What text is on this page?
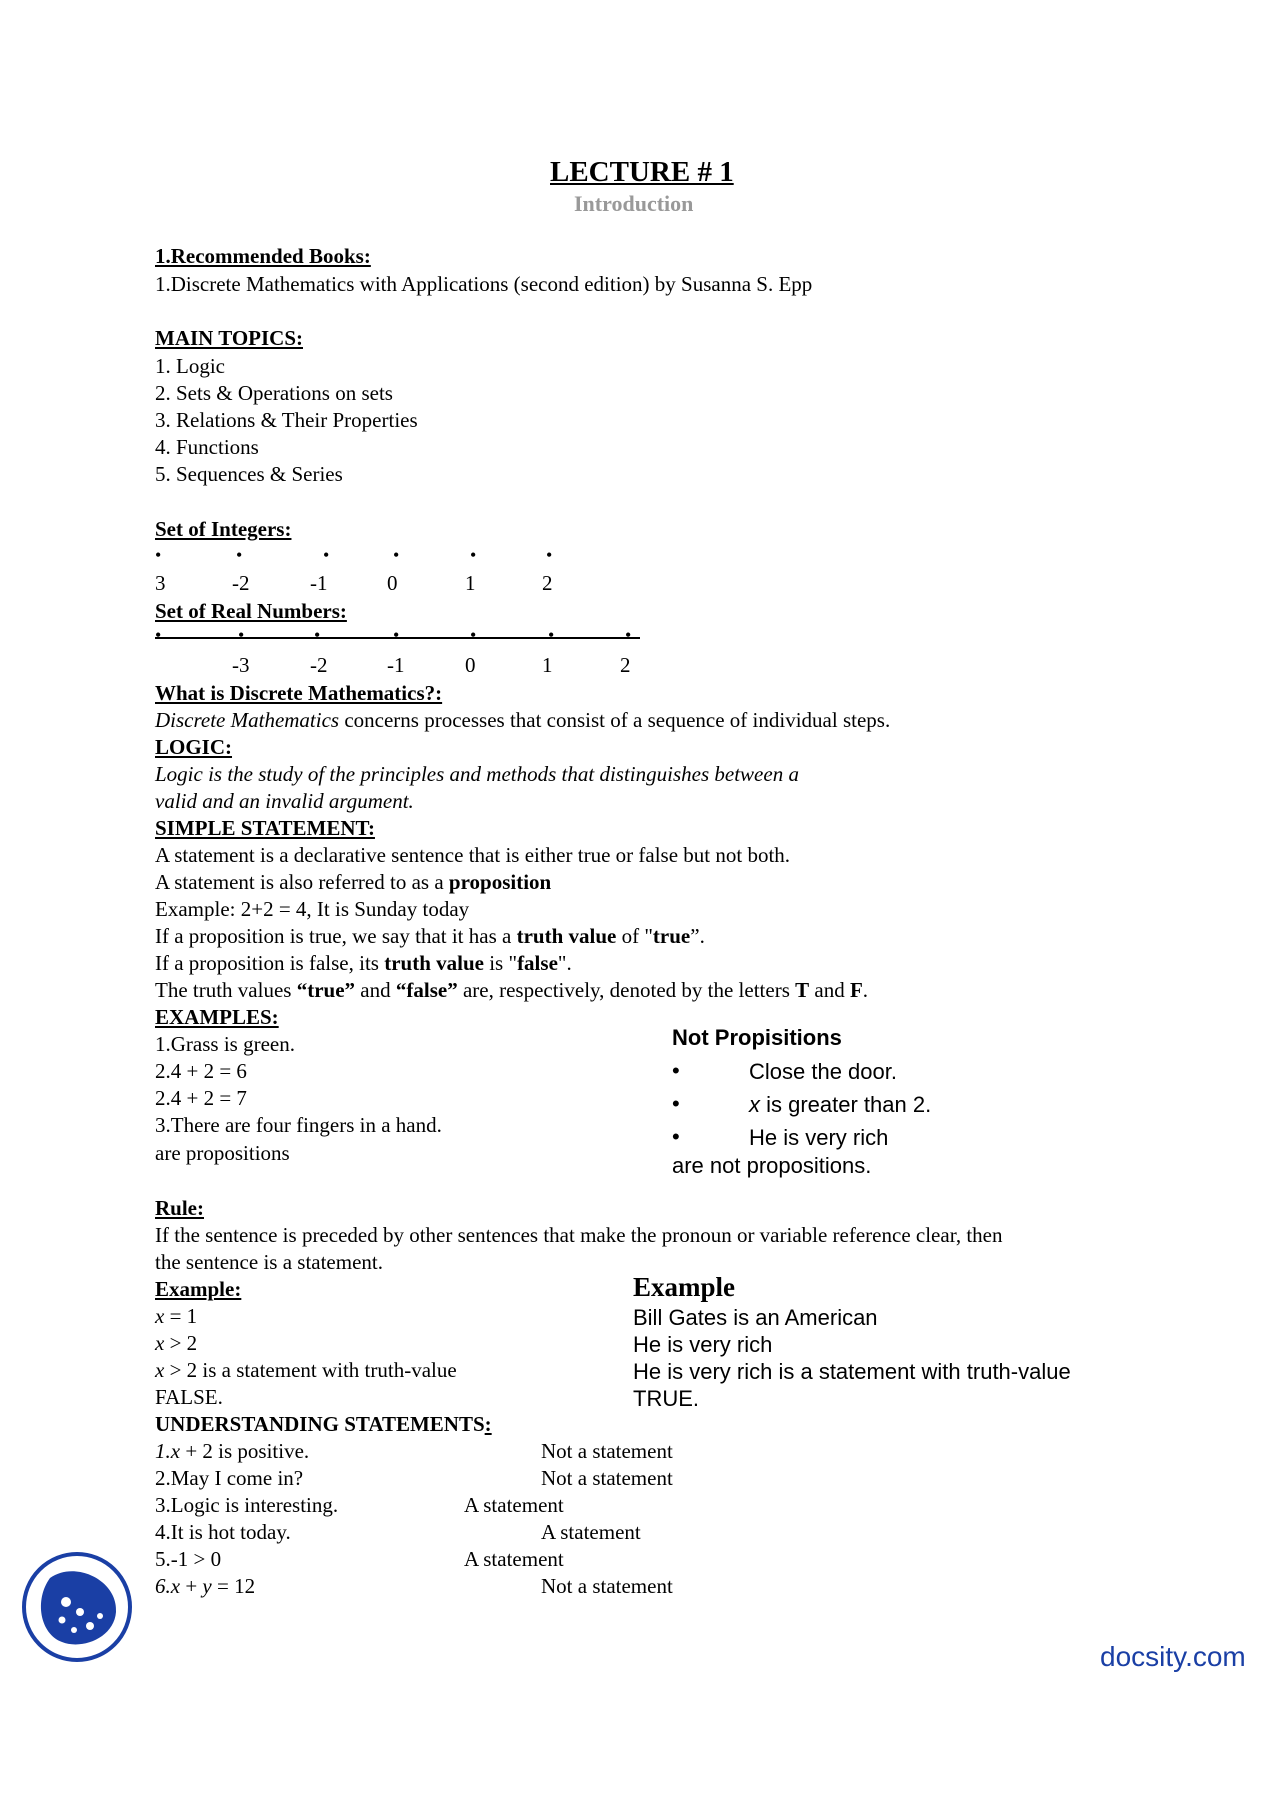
LECTURE # 1
Introduction
1.Recommended Books:
1.Discrete Mathematics with Applications (second edition) by Susanna S. Epp
MAIN TOPICS:
1. Logic
2. Sets & Operations on sets
3. Relations & Their Properties
4. Functions
5. Sequences & Series
Set of Integers:
•	•	•	•	•	•
3	-2	-1	0	1	2
Set of Real Numbers:
•	•	•	•	•	•	•
-3	-2	-1	0	1	2
What is Discrete Mathematics?:
Discrete Mathematics concerns processes that consist of a sequence of individual steps.
LOGIC:
Logic is the study of the principles and methods that distinguishes between a
valid and an invalid argument.
SIMPLE STATEMENT:
A statement is a declarative sentence that is either true or false but not both.
A statement is also referred to as a proposition
Example: 2+2 = 4, It is Sunday today
If a proposition is true, we say that it has a truth value of "true”.
If a proposition is false, its truth value is "false".
The truth values “true” and “false” are, respectively, denoted by the letters T and F.
EXAMPLES:
1.Grass is green.
2.4 + 2 = 6
2.4 + 2 = 7
3.There are four fingers in a hand.
are propositions
Not Propisitions
•	Close the door.
•	x is greater than 2.
•	He is very rich
are not propositions.
Rule:
If the sentence is preceded by other sentences that make the pronoun or variable reference clear, then
the sentence is a statement.
Example:
x = 1
x > 2
x > 2 is a statement with truth-value
FALSE.
Example
Bill Gates is an American
He is very rich
He is very rich is a statement with truth-value
TRUE.
UNDERSTANDING STATEMENTS:
1.x + 2 is positive.	Not a statement
2.May I come in?	Not a statement
3.Logic is interesting.	A statement
4.It is hot today.	A statement
5.-1 > 0	A statement
6.x + y = 12	Not a statement
docsity.com
